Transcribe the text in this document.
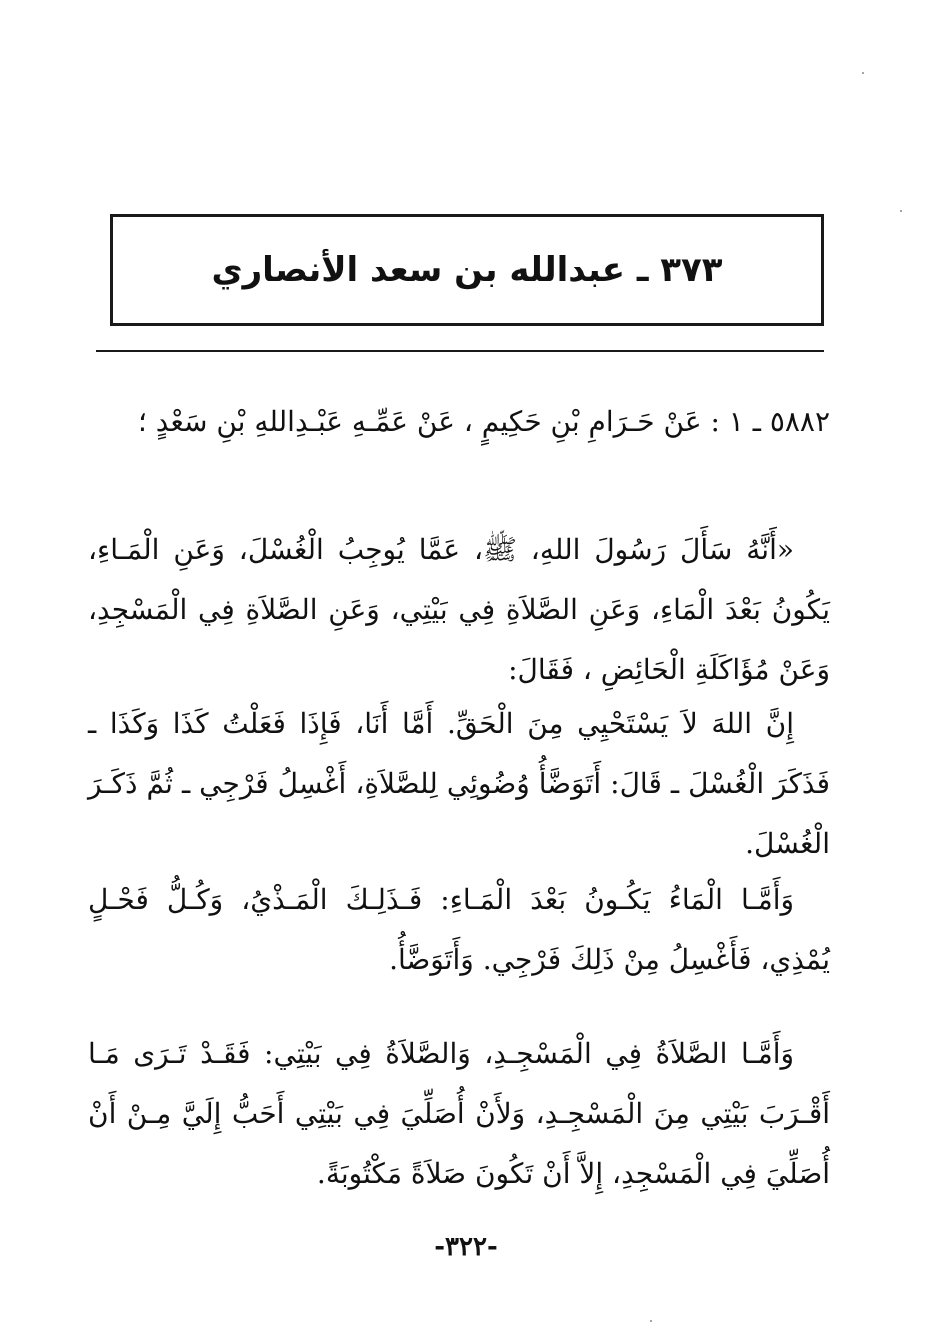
٣٧٣ ـ عبدالله بن سعد الأنصاري

٥٨٨٢ ـ ١ : عَنْ حَـرَامِ بْنِ حَكِيمٍ ، عَنْ عَمِّـهِ عَبْـدِاللهِ بْنِ سَعْدٍ ؛

«أَنَّهُ سَأَلَ رَسُولَ اللهِ، ﷺ، عَمَّا يُوجِبُ الْغُسْلَ، وَعَنِ الْمَـاءِ، يَكُونُ بَعْدَ الْمَاءِ، وَعَنِ الصَّلاَةِ فِي بَيْتِي، وَعَنِ الصَّلاَةِ فِي الْمَسْجِدِ، وَعَنْ مُؤَاكَلَةِ الْحَائِضِ ، فَقَالَ:

إِنَّ اللهَ لاَ يَسْتَحْيِي مِنَ الْحَقِّ. أَمَّا أَنَا، فَإِذَا فَعَلْتُ كَذَا وَكَذَا ـ فَذَكَرَ الْغُسْلَ ـ قَالَ: أَتَوَضَّأُ وُضُوئِي لِلصَّلاَةِ، أَغْسِلُ فَرْجِي ـ ثُمَّ ذَكَـرَ الْغُسْلَ.

وَأَمَّـا الْمَاءُ يَكُـونُ بَعْدَ الْمَـاءِ: فَـذَلِـكَ الْمَـذْيُ، وَكُـلُّ فَحْـلٍ يُمْذِي، فَأَغْسِلُ مِنْ ذَلِكَ فَرْجِي. وَأَتَوَضَّأُ.

وَأَمَّـا الصَّلاَةُ فِي الْمَسْجِـدِ، وَالصَّلاَةُ فِي بَيْتِي: فَقَـدْ تَـرَى مَـا أَقْـرَبَ بَيْتِي مِنَ الْمَسْجِـدِ، وَلأَنْ أُصَلِّيَ فِي بَيْتِي أَحَبُّ إِلَيَّ مِـنْ أَنْ أُصَلِّيَ فِي الْمَسْجِدِ، إِلاَّ أَنْ تَكُونَ صَلاَةً مَكْتُوبَةً.

-٣٢٢-
